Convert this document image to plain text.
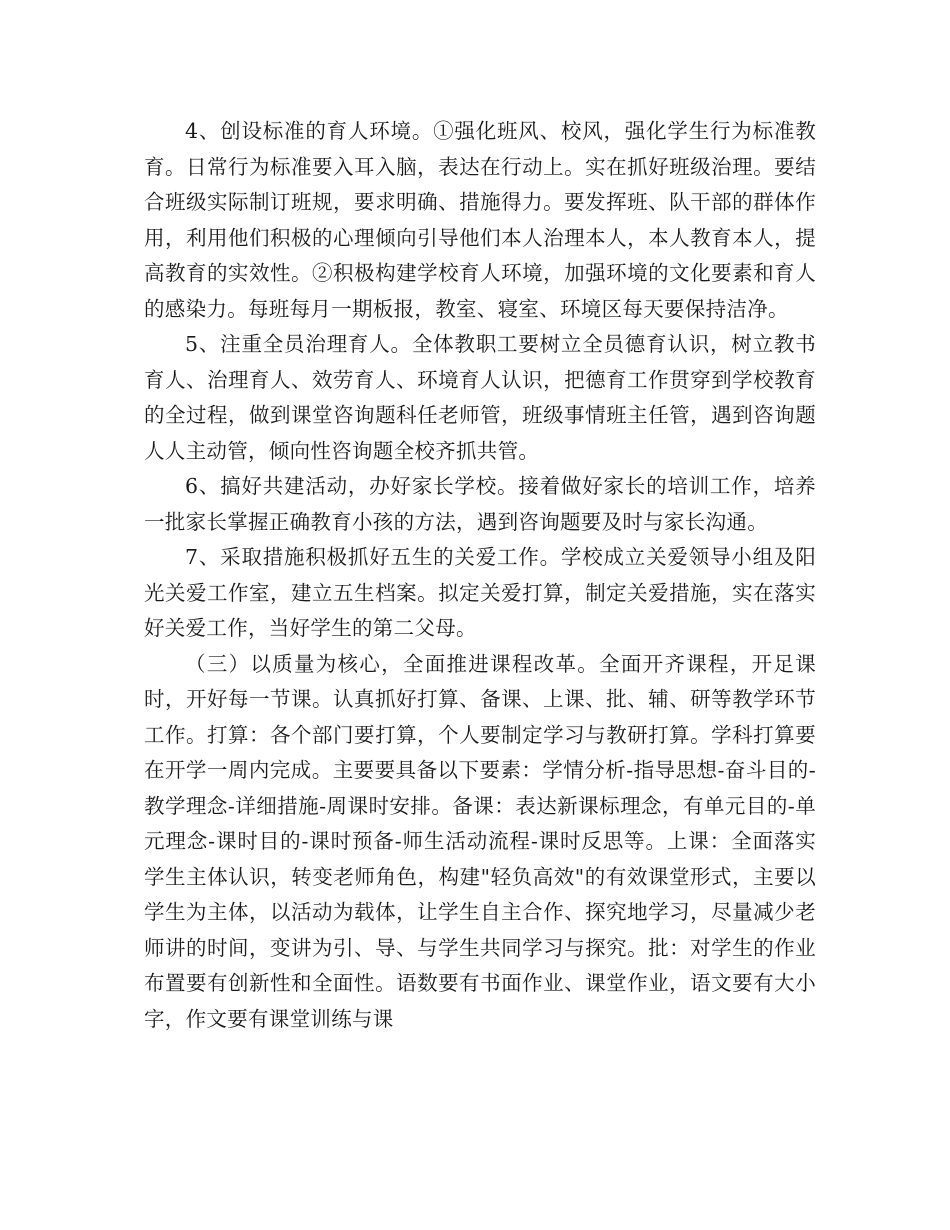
4、创设标准的育人环境。①强化班风、校风，强化学生行为标准教育。日常行为标准要入耳入脑，表达在行动上。实在抓好班级治理。要结合班级实际制订班规，要求明确、措施得力。要发挥班、队干部的群体作用，利用他们积极的心理倾向引导他们本人治理本人，本人教育本人，提高教育的实效性。②积极构建学校育人环境，加强环境的文化要素和育人的感染力。每班每月一期板报，教室、寝室、环境区每天要保持洁净。

5、注重全员治理育人。全体教职工要树立全员德育认识，树立教书育人、治理育人、效劳育人、环境育人认识，把德育工作贯穿到学校教育的全过程，做到课堂咨询题科任老师管，班级事情班主任管，遇到咨询题人人主动管，倾向性咨询题全校齐抓共管。

6、搞好共建活动，办好家长学校。接着做好家长的培训工作，培养一批家长掌握正确教育小孩的方法，遇到咨询题要及时与家长沟通。

7、采取措施积极抓好五生的关爱工作。学校成立关爱领导小组及阳光关爱工作室，建立五生档案。拟定关爱打算，制定关爱措施，实在落实好关爱工作，当好学生的第二父母。

（三）以质量为核心，全面推进课程改革。全面开齐课程，开足课时，开好每一节课。认真抓好打算、备课、上课、批、辅、研等教学环节工作。打算：各个部门要打算，个人要制定学习与教研打算。学科打算要在开学一周内完成。主要要具备以下要素：学情分析-指导思想-奋斗目的-教学理念-详细措施-周课时安排。备课：表达新课标理念，有单元目的-单元理念-课时目的-课时预备-师生活动流程-课时反思等。上课：全面落实学生主体认识，转变老师角色，构建"轻负高效"的有效课堂形式，主要以学生为主体，以活动为载体，让学生自主合作、探究地学习，尽量减少老师讲的时间，变讲为引、导、与学生共同学习与探究。批：对学生的作业布置要有创新性和全面性。语数要有书面作业、课堂作业，语文要有大小字，作文要有课堂训练与课
